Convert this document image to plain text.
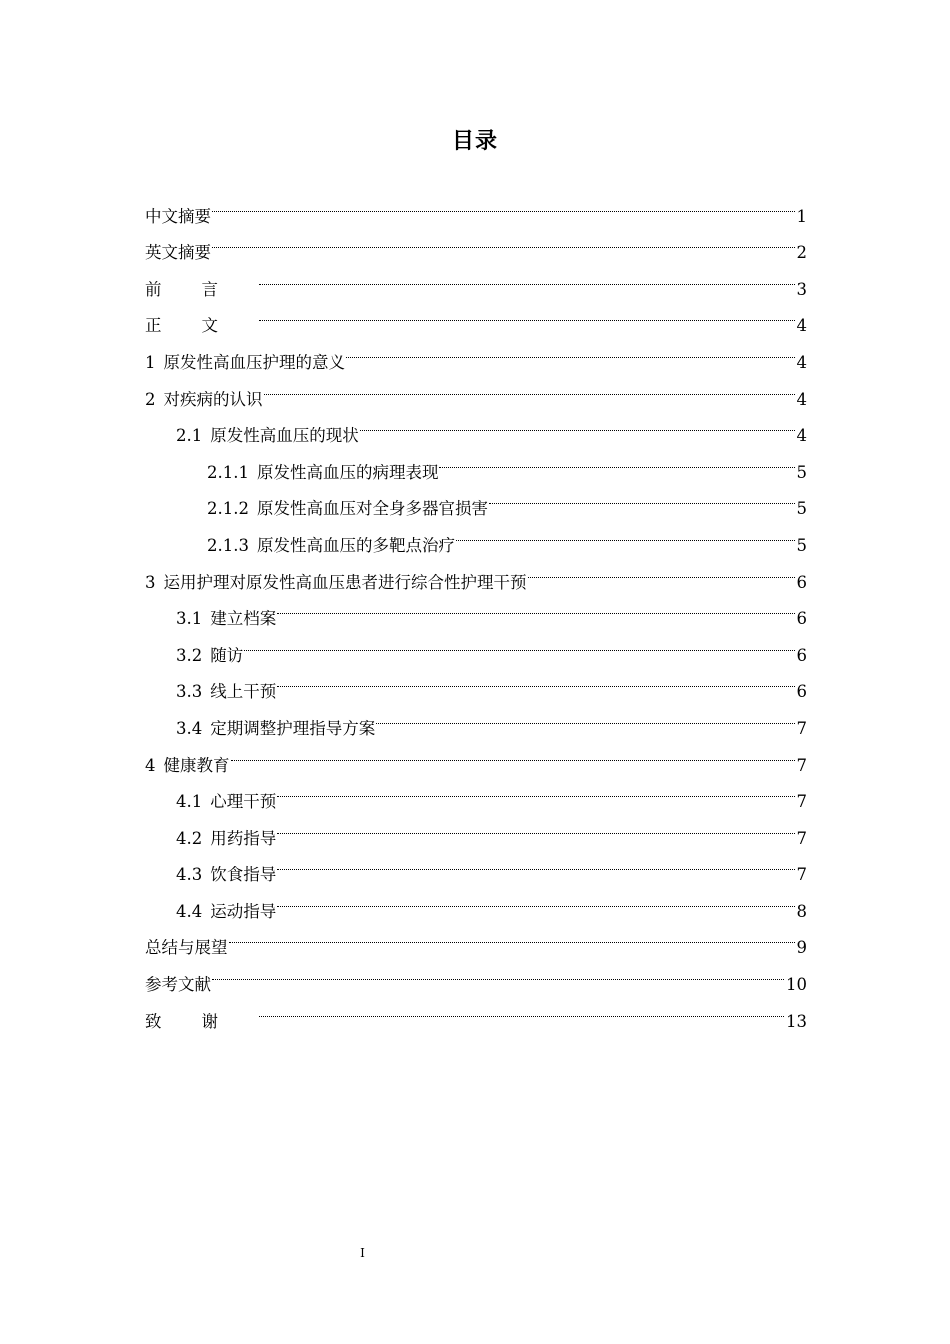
目录
中文摘要	1
英文摘要	2
前言	3
正文	4
1 原发性高血压护理的意义	4
2 对疾病的认识	4
2.1 原发性高血压的现状	4
2.1.1 原发性高血压的病理表现	5
2.1.2 原发性高血压对全身多器官损害	5
2.1.3 原发性高血压的多靶点治疗	5
3 运用护理对原发性高血压患者进行综合性护理干预	6
3.1 建立档案	6
3.2 随访	6
3.3 线上干预	6
3.4 定期调整护理指导方案	7
4 健康教育	7
4.1 心理干预	7
4.2 用药指导	7
4.3 饮食指导	7
4.4 运动指导	8
总结与展望	9
参考文献	10
致谢	13
I
